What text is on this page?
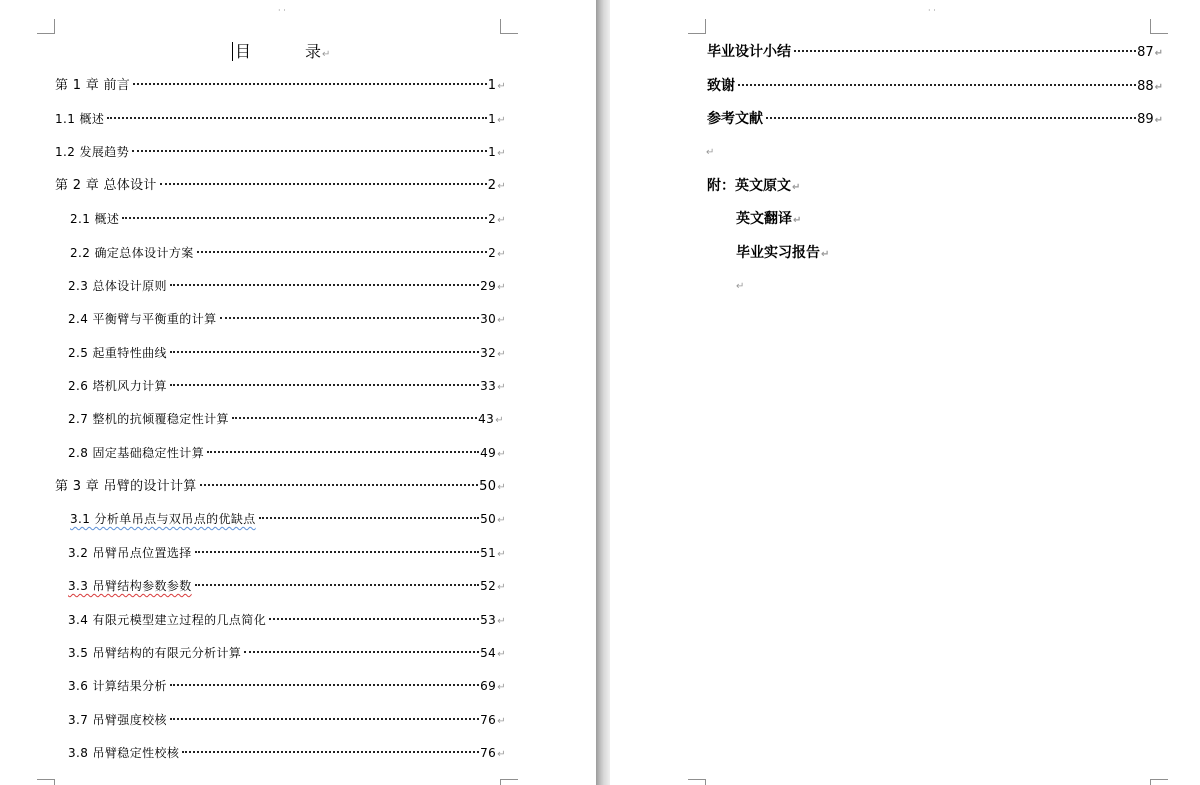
· ·
目	录↵
第 1 章 前言	1 ↵
1.1 概述	1 ↵
1.2 发展趋势	1 ↵
第 2 章 总体设计	2 ↵
2.1 概述	2 ↵
2.2 确定总体设计方案	2 ↵
2.3 总体设计原则	29 ↵
2.4 平衡臂与平衡重的计算	30 ↵
2.5 起重特性曲线	32 ↵
2.6 塔机风力计算	33 ↵
2.7 整机的抗倾覆稳定性计算	43 ↵
2.8 固定基础稳定性计算	49 ↵
第 3 章 吊臂的设计计算	50 ↵
3.1 分析单吊点与双吊点的优缺点	50 ↵
3.2 吊臂吊点位置选择	51 ↵
3.3 吊臂结构参数参数	52 ↵
3.4 有限元模型建立过程的几点简化	53 ↵
3.5 吊臂结构的有限元分析计算	54 ↵
3.6 计算结果分析	69 ↵
3.7 吊臂强度校核	76 ↵
3.8 吊臂稳定性校核	76 ↵
· ·
毕业设计小结	87 ↵
致谢	88 ↵
参考文献	89 ↵
↵
附：英文原文↵
英文翻译↵
毕业实习报告↵
↵
